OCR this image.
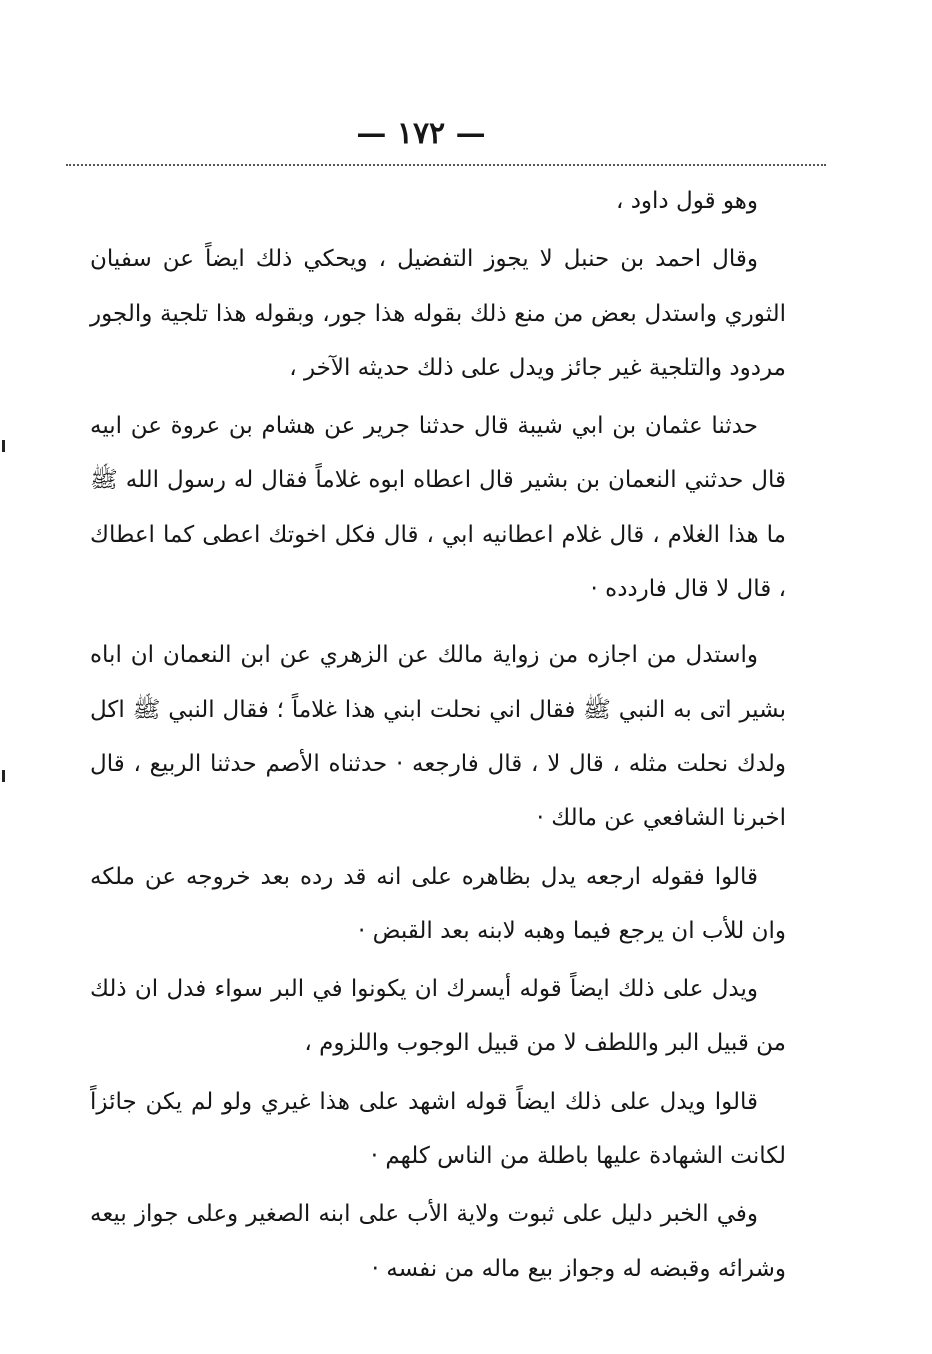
— ١٧٢ —

وهو قول داود ،

وقال احمد بن حنبل لا يجوز التفضيل ، ويحكي ذلك ايضاً عن سفيان الثوري واستدل بعض من منع ذلك بقوله هذا جور، وبقوله هذا تلجية والجور مردود والتلجية غير جائز ويدل على ذلك حديثه الآخر ،

حدثنا عثمان بن ابي شيبة قال حدثنا جرير عن هشام بن عروة عن ابيه قال حدثني النعمان بن بشير قال اعطاه ابوه غلاماً فقال له رسول الله ﷺ ما هذا الغلام ، قال غلام اعطانيه ابي ، قال فكل اخوتك اعطى كما اعطاك ، قال لا قال فاردده ·

واستدل من اجازه من زواية مالك عن الزهري عن ابن النعمان ان اباه بشير اتى به النبي ﷺ فقال اني نحلت ابني هذا غلاماً ؛ فقال النبي ﷺ اكل ولدك نحلت مثله ، قال لا ، قال فارجعه · حدثناه الأصم حدثنا الربيع ، قال اخبرنا الشافعي عن مالك ·

قالوا فقوله ارجعه يدل بظاهره على انه قد رده بعد خروجه عن ملكه وان للأب ان يرجع فيما وهبه لابنه بعد القبض ·

ويدل على ذلك ايضاً قوله أيسرك ان يكونوا في البر سواء فدل ان ذلك من قبيل البر واللطف لا من قبيل الوجوب واللزوم ،

قالوا ويدل على ذلك ايضاً قوله اشهد على هذا غيري ولو لم يكن جائزاً لكانت الشهادة عليها باطلة من الناس كلهم ·

وفي الخبر دليل على ثبوت ولاية الأب على ابنه الصغير وعلى جواز بيعه وشرائه وقبضه له وجواز بيع ماله من نفسه ·
